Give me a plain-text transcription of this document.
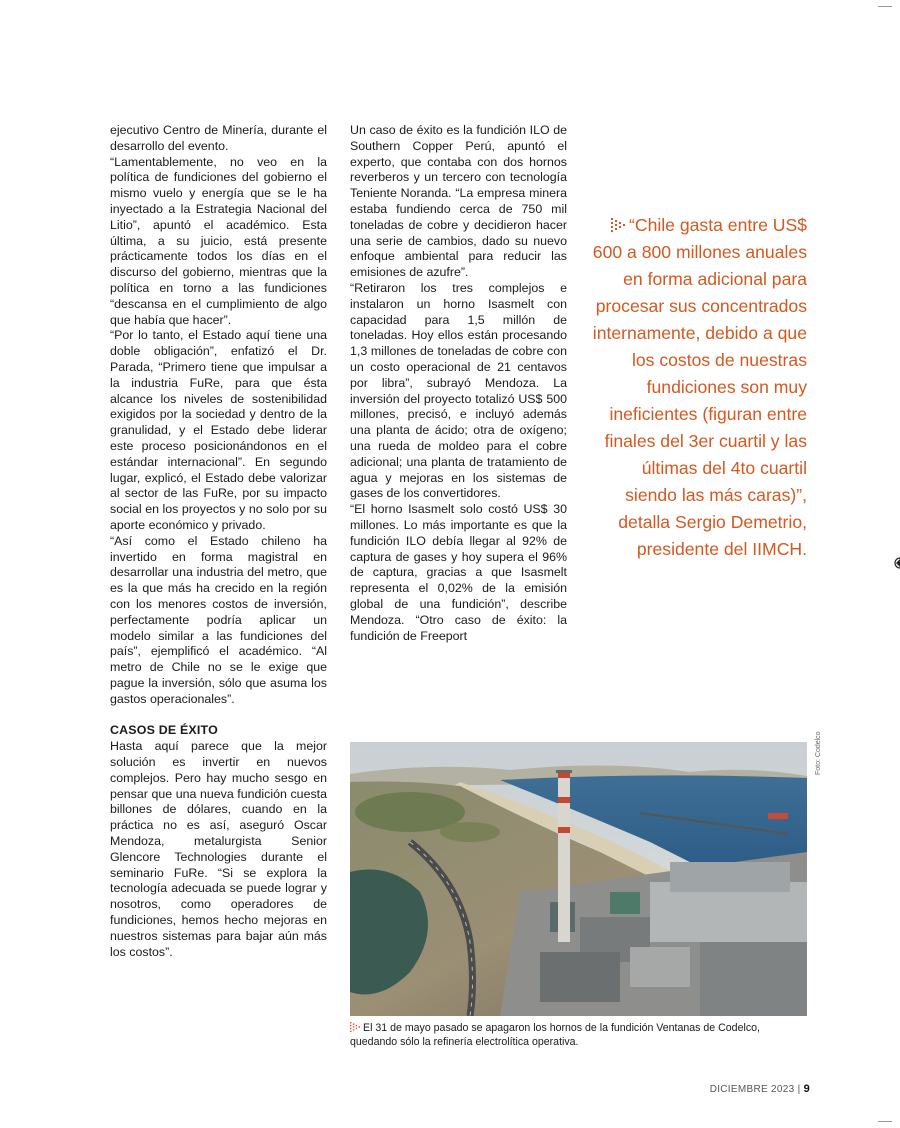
ejecutivo Centro de Minería, durante el desarrollo del evento.

“Lamentablemente, no veo en la política de fundiciones del gobierno el mismo vuelo y energía que se le ha inyectado a la Estrategia Nacional del Litio”, apuntó el académico. Esta última, a su juicio, está presente prácticamente todos los días en el discurso del gobierno, mientras que la política en torno a las fundiciones “descansa en el cumplimiento de algo que había que hacer”.

“Por lo tanto, el Estado aquí tiene una doble obligación”, enfatizó el Dr. Parada, “Primero tiene que impulsar a la industria FuRe, para que ésta alcance los niveles de sostenibilidad exigidos por la sociedad y dentro de la granulidad, y el Estado debe liderar este proceso posicionándonos en el estándar internacional”. En segundo lugar, explicó, el Estado debe valorizar al sector de las FuRe, por su impacto social en los proyectos y no solo por su aporte económico y privado.

“Así como el Estado chileno ha invertido en forma magistral en desarrollar una industria del metro, que es la que más ha crecido en la región con los menores costos de inversión, perfectamente podría aplicar un modelo similar a las fundiciones del país”, ejemplificó el académico. “Al metro de Chile no se le exige que pague la inversión, sólo que asuma los gastos operacionales”.

CASOS DE ÉXITO

Hasta aquí parece que la mejor solución es invertir en nuevos complejos. Pero hay mucho sesgo en pensar que una nueva fundición cuesta billones de dólares, cuando en la práctica no es así, aseguró Oscar Mendoza, metalurgista Senior Glencore Technologies durante el seminario FuRe. “Si se explora la tecnología adecuada se puede lograr y nosotros, como operadores de fundiciones, hemos hecho mejoras en nuestros sistemas para bajar aún más los costos”.

Un caso de éxito es la fundición ILO de Southern Copper Perú, apuntó el experto, que contaba con dos hornos reverberos y un tercero con tecnología Teniente Noranda. “La empresa minera estaba fundiendo cerca de 750 mil toneladas de cobre y decidieron hacer una serie de cambios, dado su nuevo enfoque ambiental para reducir las emisiones de azufre”.

“Retiraron los tres complejos e instalaron un horno Isasmelt con capacidad para 1,5 millón de toneladas. Hoy ellos están procesando 1,3 millones de toneladas de cobre con un costo operacional de 21 centavos por libra”, subrayó Mendoza. La inversión del proyecto totalizó US$ 500 millones, precisó, e incluyó además una planta de ácido; otra de oxígeno; una rueda de moldeo para el cobre adicional; una planta de tratamiento de agua y mejoras en los sistemas de gases de los convertidores.

“El horno Isasmelt solo costó US$ 30 millones. Lo más importante es que la fundición ILO debía llegar al 92% de captura de gases y hoy supera el 96% de captura, gracias a que Isasmelt representa el 0,02% de la emisión global de una fundición”, describe Mendoza. “Otro caso de éxito: la fundición de Freeport

“Chile gasta entre US$ 600 a 800 millones anuales en forma adicional para procesar sus concentrados internamente, debido a que los costos de nuestras fundiciones son muy ineficientes (figuran entre finales del 3er cuartil y las últimas del 4to cuartil siendo las más caras)”, detalla Sergio Demetrio, presidente del IIMCH.
Foto: Codelco
El 31 de mayo pasado se apagaron los hornos de la fundición Ventanas de Codelco, quedando sólo la refinería electrolítica operativa.
DICIEMBRE 2023 | 9
